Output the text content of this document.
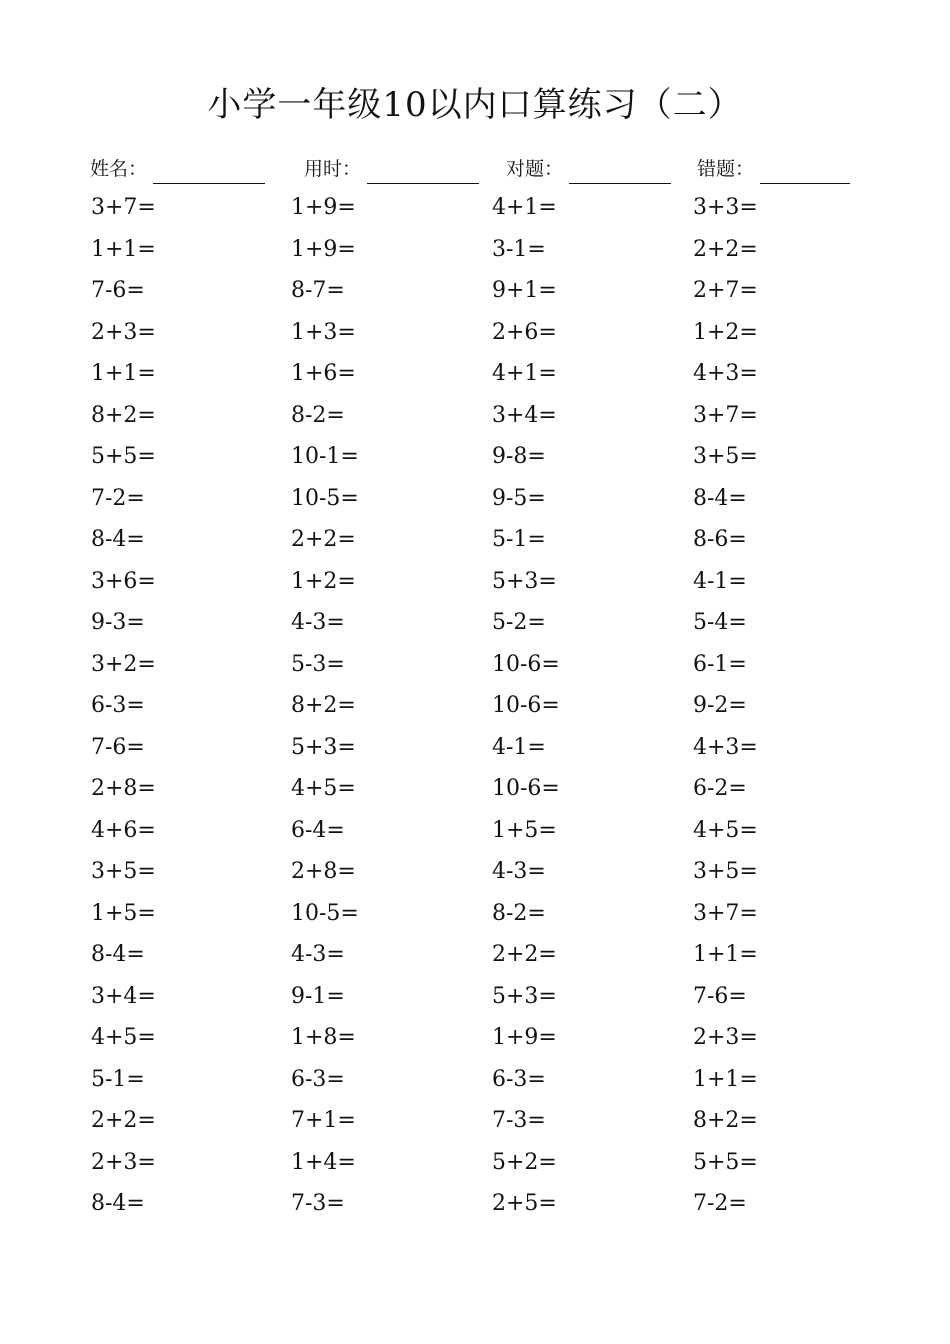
小学一年级10以内口算练习（二）
姓名：	用时：	对题：	错题：
3+7=	1+9=	4+1=	3+3=
1+1=	1+9=	3-1=	2+2=
7-6=	8-7=	9+1=	2+7=
2+3=	1+3=	2+6=	1+2=
1+1=	1+6=	4+1=	4+3=
8+2=	8-2=	3+4=	3+7=
5+5=	10-1=	9-8=	3+5=
7-2=	10-5=	9-5=	8-4=
8-4=	2+2=	5-1=	8-6=
3+6=	1+2=	5+3=	4-1=
9-3=	4-3=	5-2=	5-4=
3+2=	5-3=	10-6=	6-1=
6-3=	8+2=	10-6=	9-2=
7-6=	5+3=	4-1=	4+3=
2+8=	4+5=	10-6=	6-2=
4+6=	6-4=	1+5=	4+5=
3+5=	2+8=	4-3=	3+5=
1+5=	10-5=	8-2=	3+7=
8-4=	4-3=	2+2=	1+1=
3+4=	9-1=	5+3=	7-6=
4+5=	1+8=	1+9=	2+3=
5-1=	6-3=	6-3=	1+1=
2+2=	7+1=	7-3=	8+2=
2+3=	1+4=	5+2=	5+5=
8-4=	7-3=	2+5=	7-2=
